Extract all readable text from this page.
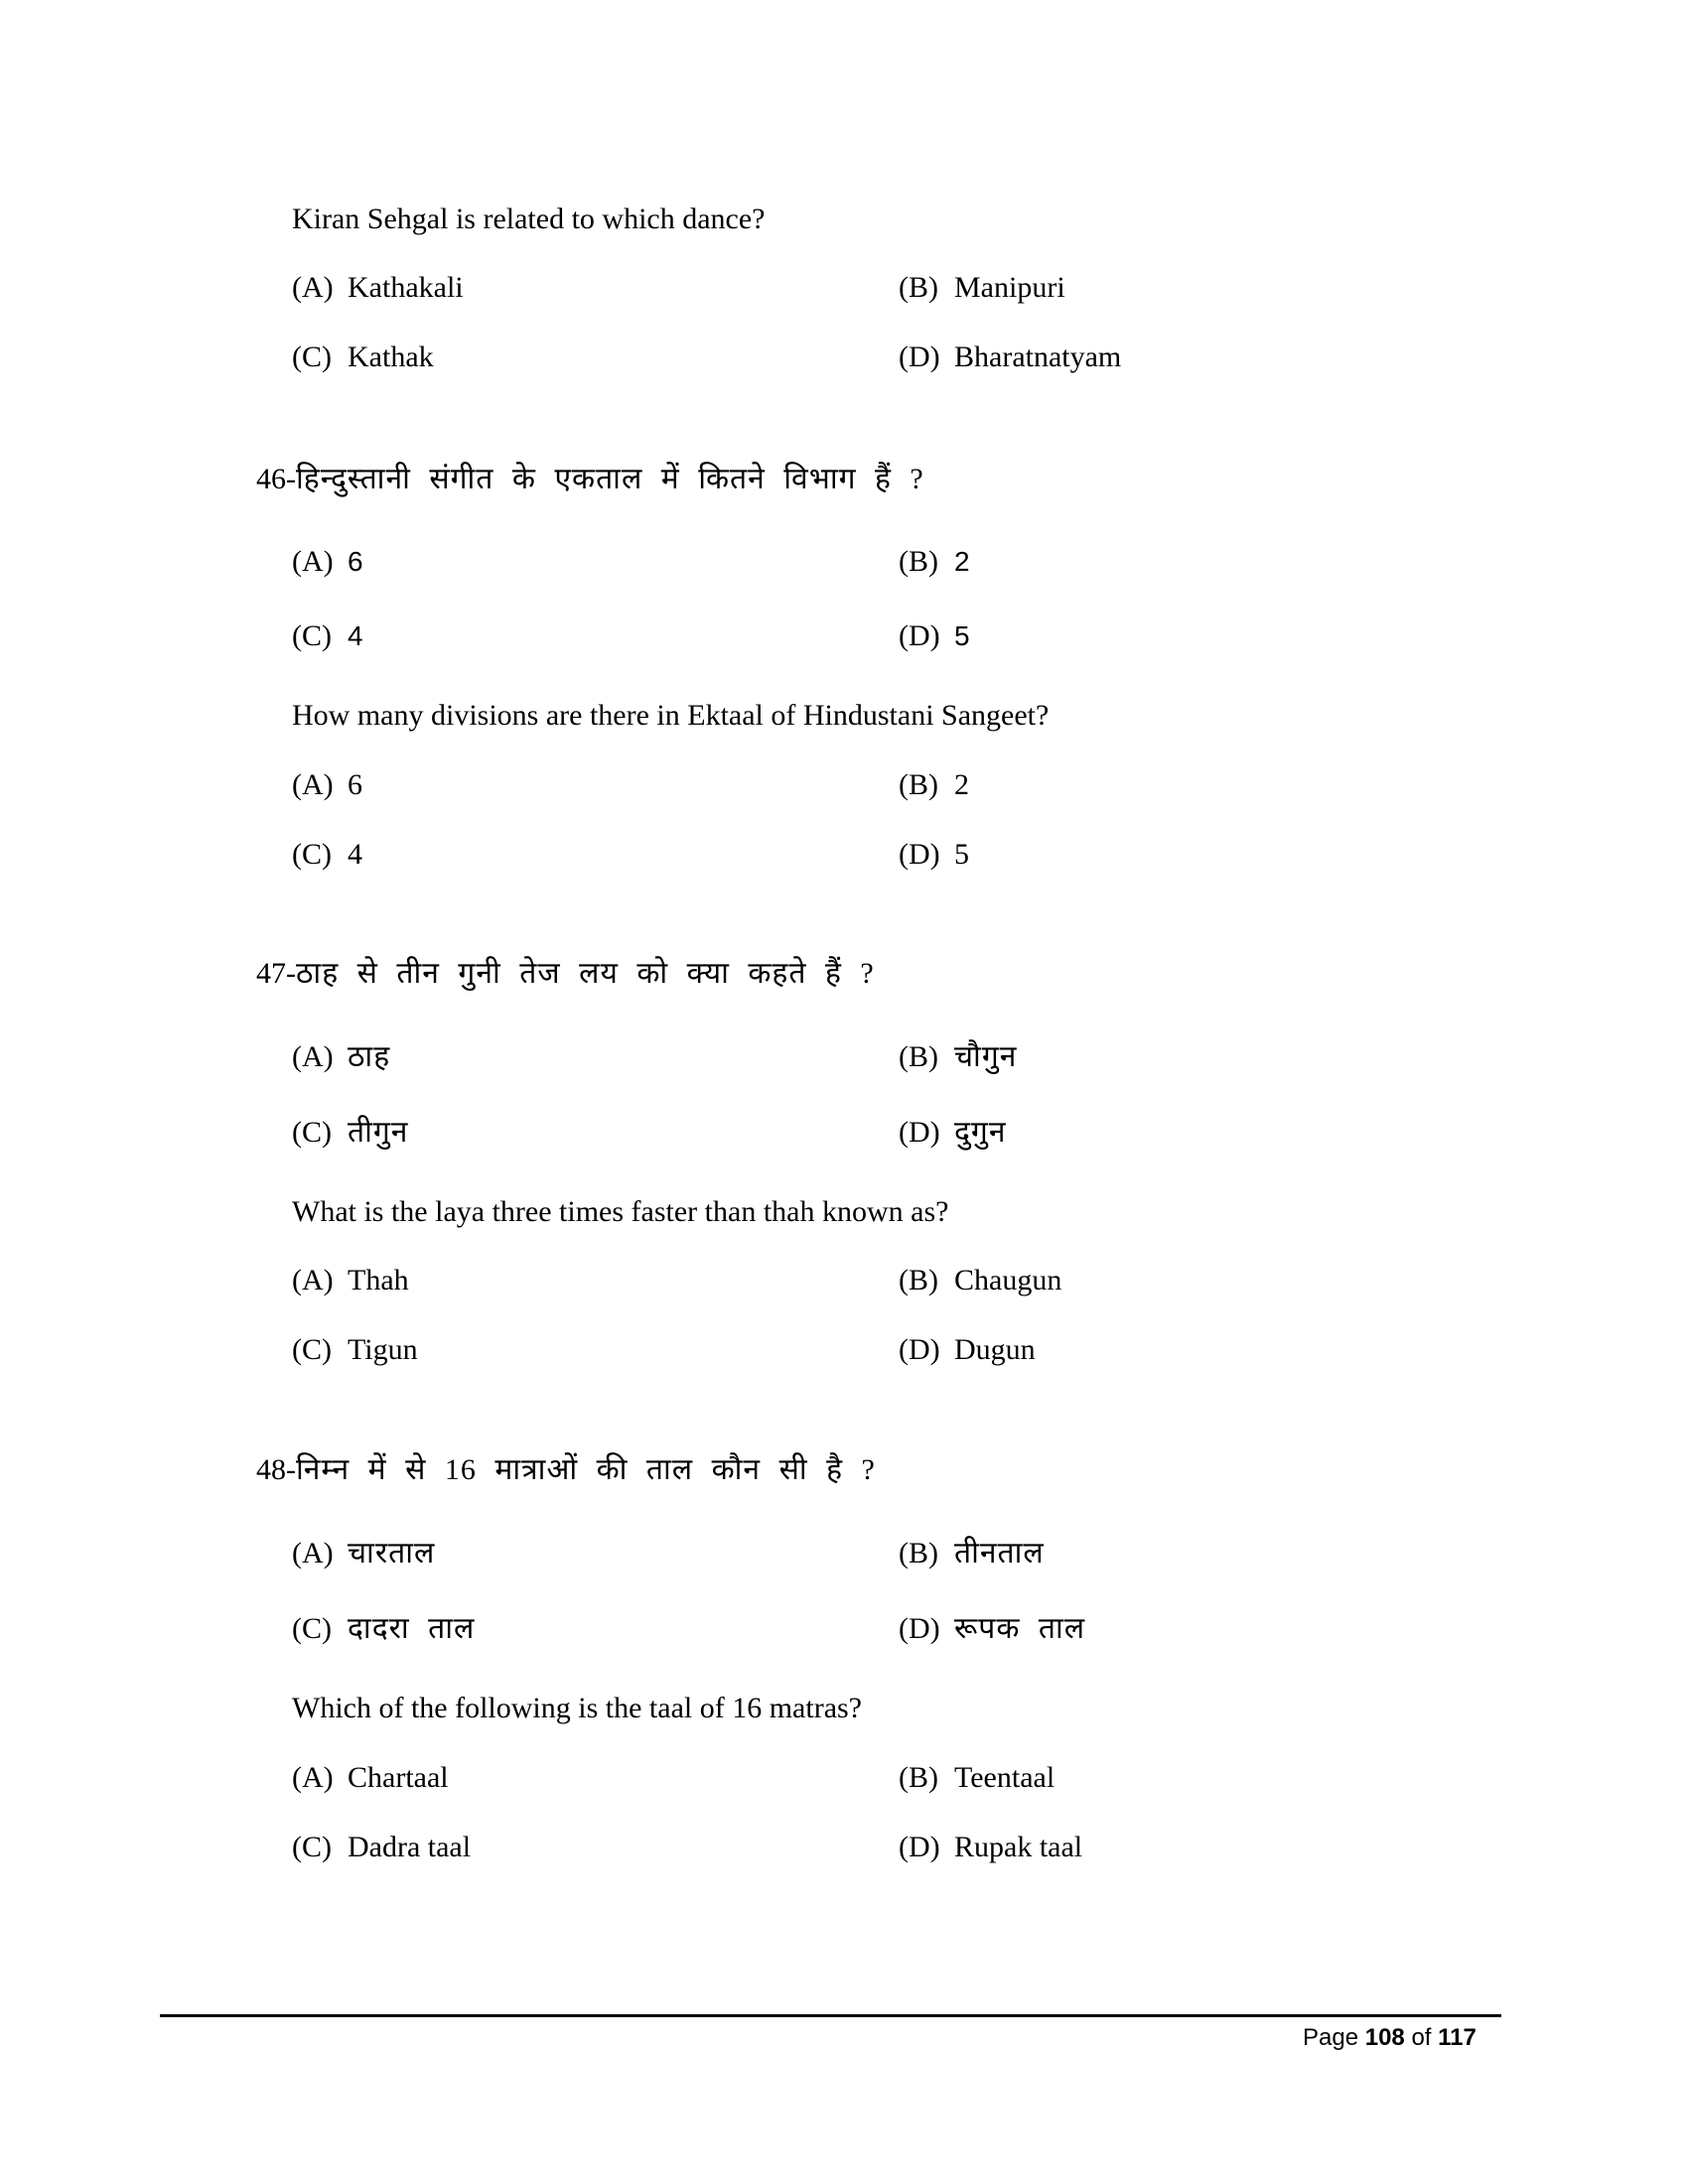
Kiran Sehgal is related to which dance?
(A) Kathakali	(B) Manipuri
(C) Kathak	(D) Bharatnatyam
46-हिन्दुस्तानी संगीत के एकताल में कितने विभाग हैं ?
(A) 6	(B) 2
(C) 4	(D) 5
How many divisions are there in Ektaal of Hindustani Sangeet?
(A) 6	(B) 2
(C) 4	(D) 5
47-ठाह से तीन गुनी तेज लय को क्या कहते हैं ?
(A) ठाह	(B) चौगुन
(C) तीगुन	(D) दुगुन
What is the laya three times faster than thah known as?
(A) Thah	(B) Chaugun
(C) Tigun	(D) Dugun
48-निम्न में से 16 मात्राओं की ताल कौन सी है ?
(A) चारताल	(B) तीनताल
(C) दादरा ताल	(D) रूपक ताल
Which of the following is the taal of 16 matras?
(A) Chartaal	(B) Teentaal
(C) Dadra taal	(D) Rupak taal
Page 108 of 117
